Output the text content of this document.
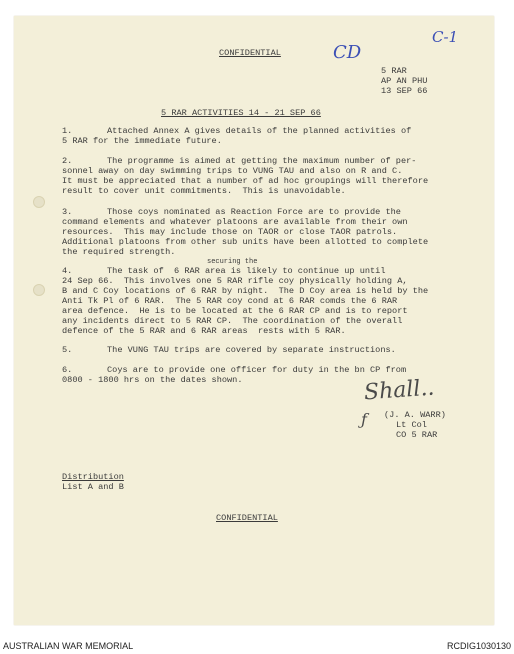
CD
C-1
CONFIDENTIAL
5 RAR
AP AN PHU
13 SEP 66
5 RAR ACTIVITIES 14 - 21 SEP 66
1.	Attached Annex A gives details of the planned activities of
5 RAR for the immediate future.
2.	The programme is aimed at getting the maximum number of per-
sonnel away on day swimming trips to VUNG TAU and also on R and C.
It must be appreciated that a number of ad hoc groupings will therefore
result to cover unit commitments.  This is unavoidable.
3.	Those coys nominated as Reaction Force are to provide the
command elements and whatever platoons are available from their own
resources.  This may include those on TAOR or close TAOR patrols.
Additional platoons from other sub units have been allotted to complete
the required strength.
securing the
4.	The task of  6 RAR area is likely to continue up until
24 Sep 66.  This involves one 5 RAR rifle coy physically holding A,
B and C Coy locations of 6 RAR by night.  The D Coy area is held by the
Anti Tk Pl of 6 RAR.  The 5 RAR coy cond at 6 RAR comds the 6 RAR
area defence.  He is to be located at the 6 RAR CP and is to report
any incidents direct to 5 RAR CP.  The coordination of the overall
defence of the 5 RAR and 6 RAR areas  rests with 5 RAR.
5.	The VUNG TAU trips are covered by separate instructions.
6.	Coys are to provide one officer for duty in the bn CP from
0800 - 1800 hrs on the dates shown.	Shall..
ƒ (J. A. WARR)
Lt Col
CO 5 RAR
Distribution
List A and B
CONFIDENTIAL
AUSTRALIAN WAR MEMORIAL	RCDIG1030130
